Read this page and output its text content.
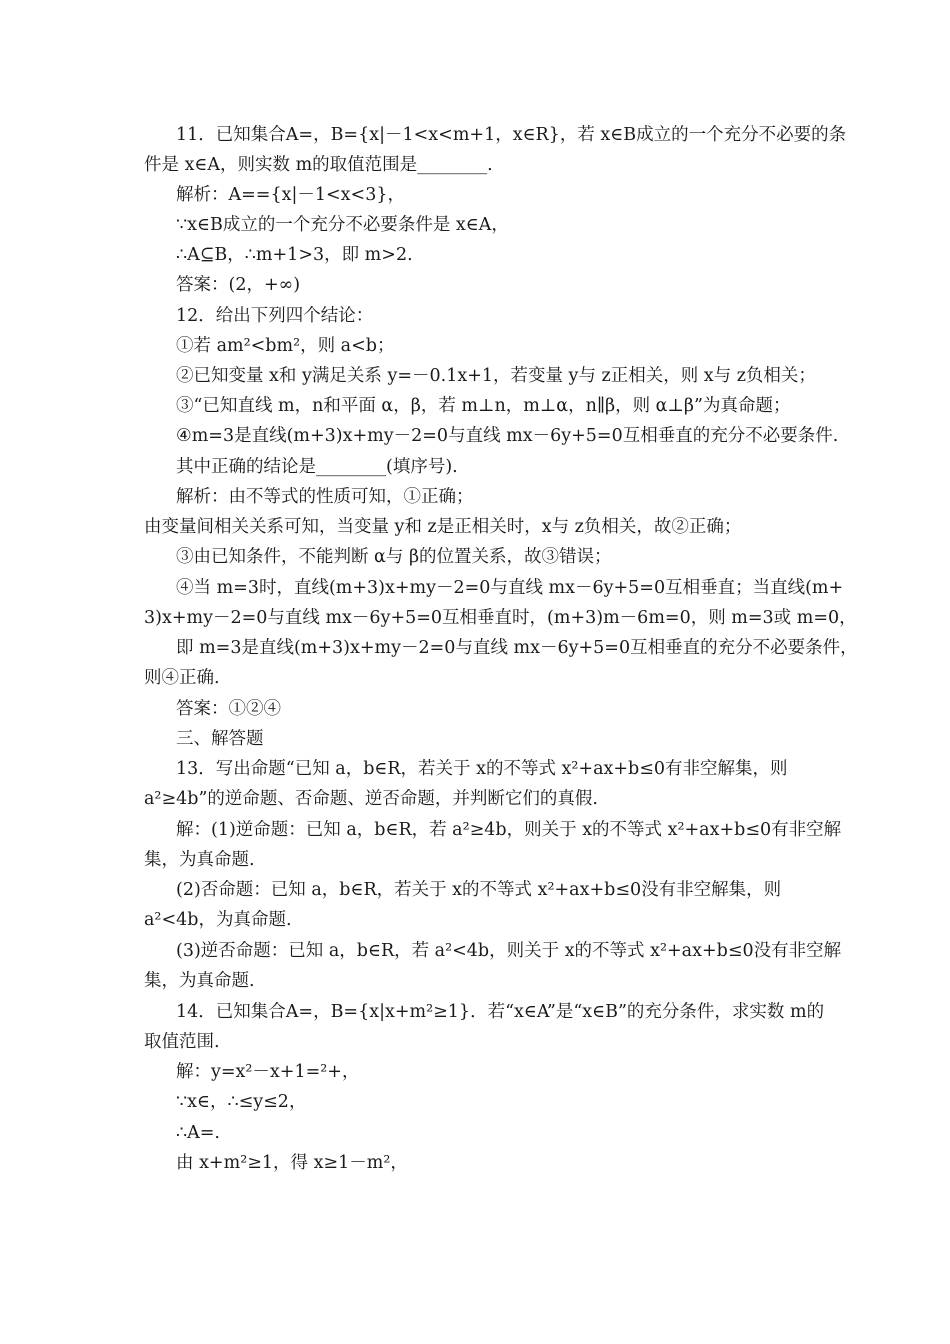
11．已知集合A=，B={x|－1<x<m+1，x∈R}，若 x∈B成立的一个充分不必要的条
件是 x∈A，则实数 m的取值范围是________.
解析：A=={x|－1<x<3}，
∵x∈B成立的一个充分不必要条件是 x∈A，
∴A⊆B，∴m+1>3，即 m>2.
答案：(2，+∞)
12．给出下列四个结论：
①若 am²<bm²，则 a<b；
②已知变量 x和 y满足关系 y=－0.1x+1，若变量 y与 z正相关，则 x与 z负相关；
③“已知直线 m，n和平面 α，β，若 m⊥n，m⊥α，n∥β，则 α⊥β”为真命题；
④m=3是直线(m+3)x+my－2=0与直线 mx－6y+5=0互相垂直的充分不必要条件.
其中正确的结论是________(填序号).
解析：由不等式的性质可知，①正确；
由变量间相关关系可知，当变量 y和 z是正相关时，x与 z负相关，故②正确；
③由已知条件，不能判断 α与 β的位置关系，故③错误；
④当 m=3时，直线(m+3)x+my－2=0与直线 mx－6y+5=0互相垂直；当直线(m+
3)x+my－2=0与直线 mx－6y+5=0互相垂直时，(m+3)m－6m=0，则 m=3或 m=0，
即 m=3是直线(m+3)x+my－2=0与直线 mx－6y+5=0互相垂直的充分不必要条件，
则④正确.
答案：①②④
三、解答题
13．写出命题“已知 a，b∈R，若关于 x的不等式 x²+ax+b≤0有非空解集，则
a²≥4b”的逆命题、否命题、逆否命题，并判断它们的真假.
解：(1)逆命题：已知 a，b∈R，若 a²≥4b，则关于 x的不等式 x²+ax+b≤0有非空解
集，为真命题.
(2)否命题：已知 a，b∈R，若关于 x的不等式 x²+ax+b≤0没有非空解集，则
a²<4b，为真命题.
(3)逆否命题：已知 a，b∈R，若 a²<4b，则关于 x的不等式 x²+ax+b≤0没有非空解
集，为真命题.
14．已知集合A=，B={x|x+m²≥1}．若“x∈A”是“x∈B”的充分条件，求实数 m的
取值范围.
解：y=x²－x+1=²+，
∵x∈，∴≤y≤2，
∴A=.
由 x+m²≥1，得 x≥1－m²，
